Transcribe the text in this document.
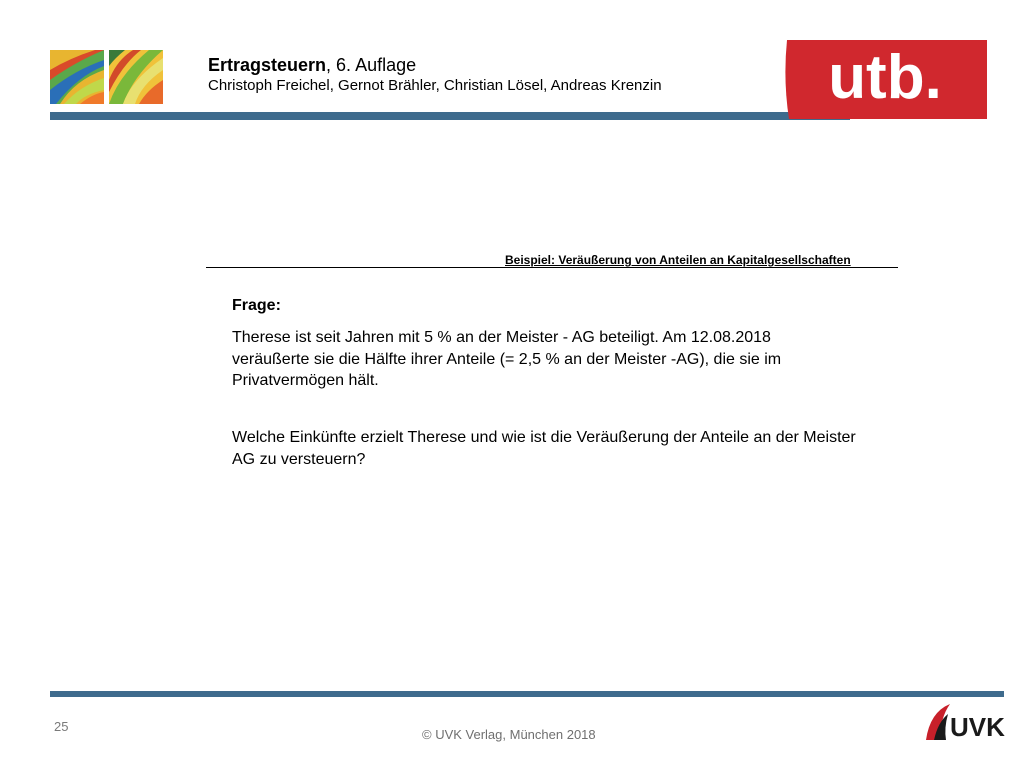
Ertragsteuern, 6. Auflage
Christoph Freichel, Gernot Brähler, Christian Lösel, Andreas Krenzin	utb.
Beispiel: Veräußerung von Anteilen an Kapitalgesellschaften
Frage:
Therese ist seit Jahren mit 5 % an der Meister - AG beteiligt. Am 12.08.2018 veräußerte sie die Hälfte ihrer Anteile (= 2,5 % an der Meister -AG), die sie im Privatvermögen hält.
Welche Einkünfte erzielt Therese und wie ist die Veräußerung der Anteile an der Meister AG zu versteuern?
25
© UVK Verlag, München 2018	UVK
